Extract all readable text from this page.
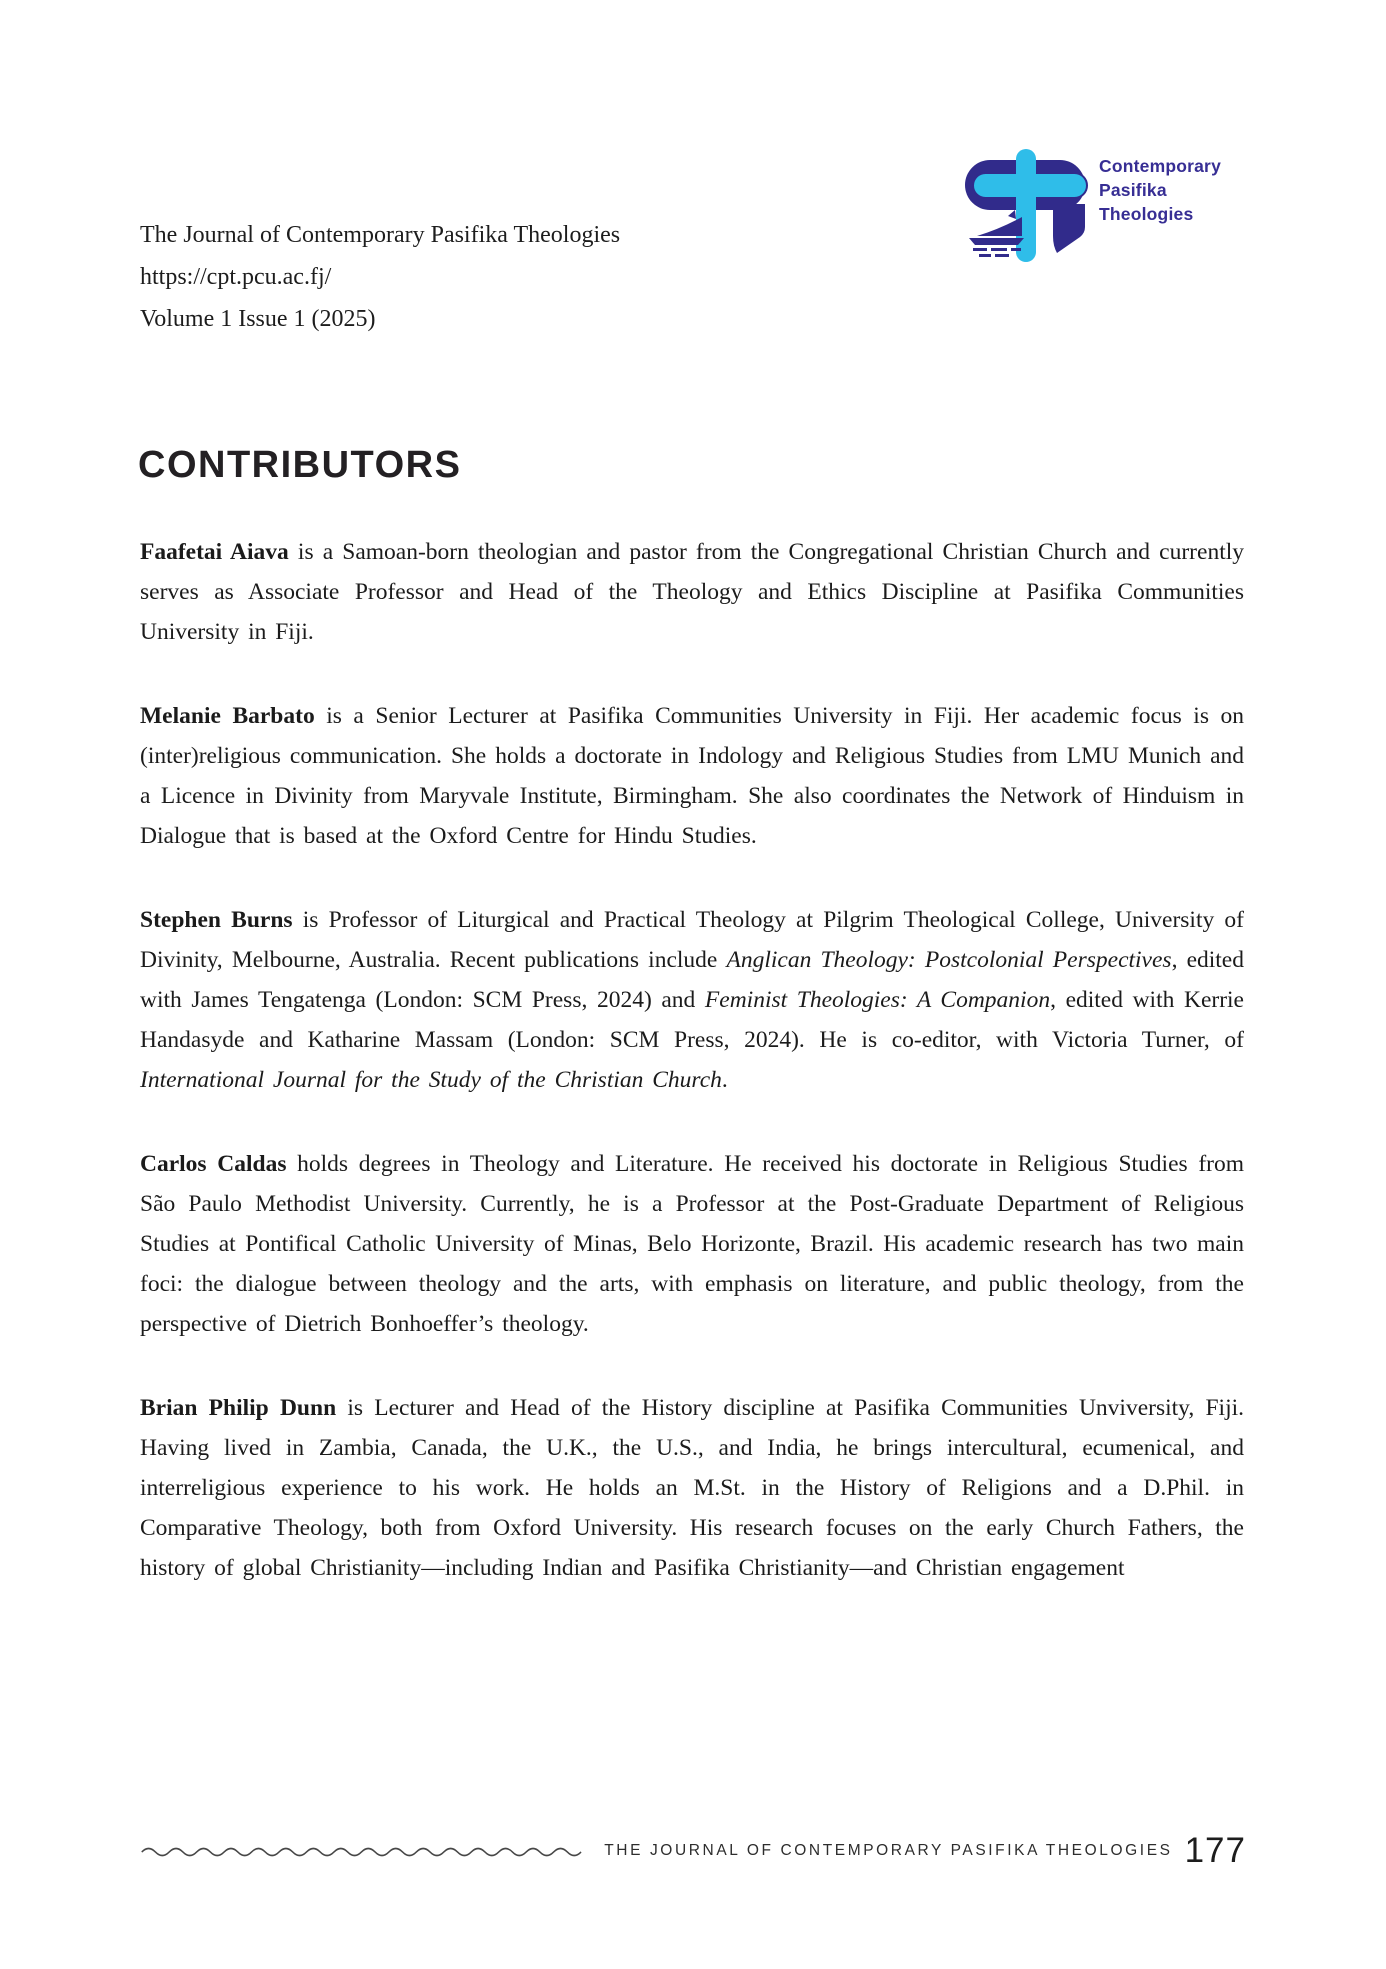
The Journal of Contemporary Pasifika Theologies
https://cpt.pcu.ac.fj/
Volume 1 Issue 1 (2025)
Contemporary
Pasifika
Theologies
CONTRIBUTORS

Faafetai Aiava is a Samoan-born theologian and pastor from the Congregational Christian Church and currently serves as Associate Professor and Head of the Theology and Ethics Discipline at Pasifika Communities University in Fiji.

Melanie Barbato is a Senior Lecturer at Pasifika Communities University in Fiji. Her academic focus is on (inter)religious communication. She holds a doctorate in Indology and Religious Studies from LMU Munich and a Licence in Divinity from Maryvale Institute, Birmingham. She also coordinates the Network of Hinduism in Dialogue that is based at the Oxford Centre for Hindu Studies.

Stephen Burns is Professor of Liturgical and Practical Theology at Pilgrim Theological College, University of Divinity, Melbourne, Australia. Recent publications include Anglican Theology: Postcolonial Perspectives, edited with James Tengatenga (London: SCM Press, 2024) and Feminist Theologies: A Companion, edited with Kerrie Handasyde and Katharine Massam (London: SCM Press, 2024). He is co-editor, with Victoria Turner, of International Journal for the Study of the Christian Church.

Carlos Caldas holds degrees in Theology and Literature. He received his doctorate in Religious Studies from São Paulo Methodist University. Currently, he is a Professor at the Post-Graduate Department of Religious Studies at Pontifical Catholic University of Minas, Belo Horizonte, Brazil. His academic research has two main foci: the dialogue between theology and the arts, with emphasis on literature, and public theology, from the perspective of Dietrich Bonhoeffer’s theology.

Brian Philip Dunn is Lecturer and Head of the History discipline at Pasifika Communities Unviversity, Fiji. Having lived in Zambia, Canada, the U.K., the U.S., and India, he brings intercultural, ecumenical, and interreligious experience to his work. He holds an M.St. in the History of Religions and a D.Phil. in Comparative Theology, both from Oxford University. His research focuses on the early Church Fathers, the history of global Christianity—including Indian and Pasifika Christianity—and Christian engagement

THE JOURNAL OF CONTEMPORARY PASIFIKA THEOLOGIES 177
